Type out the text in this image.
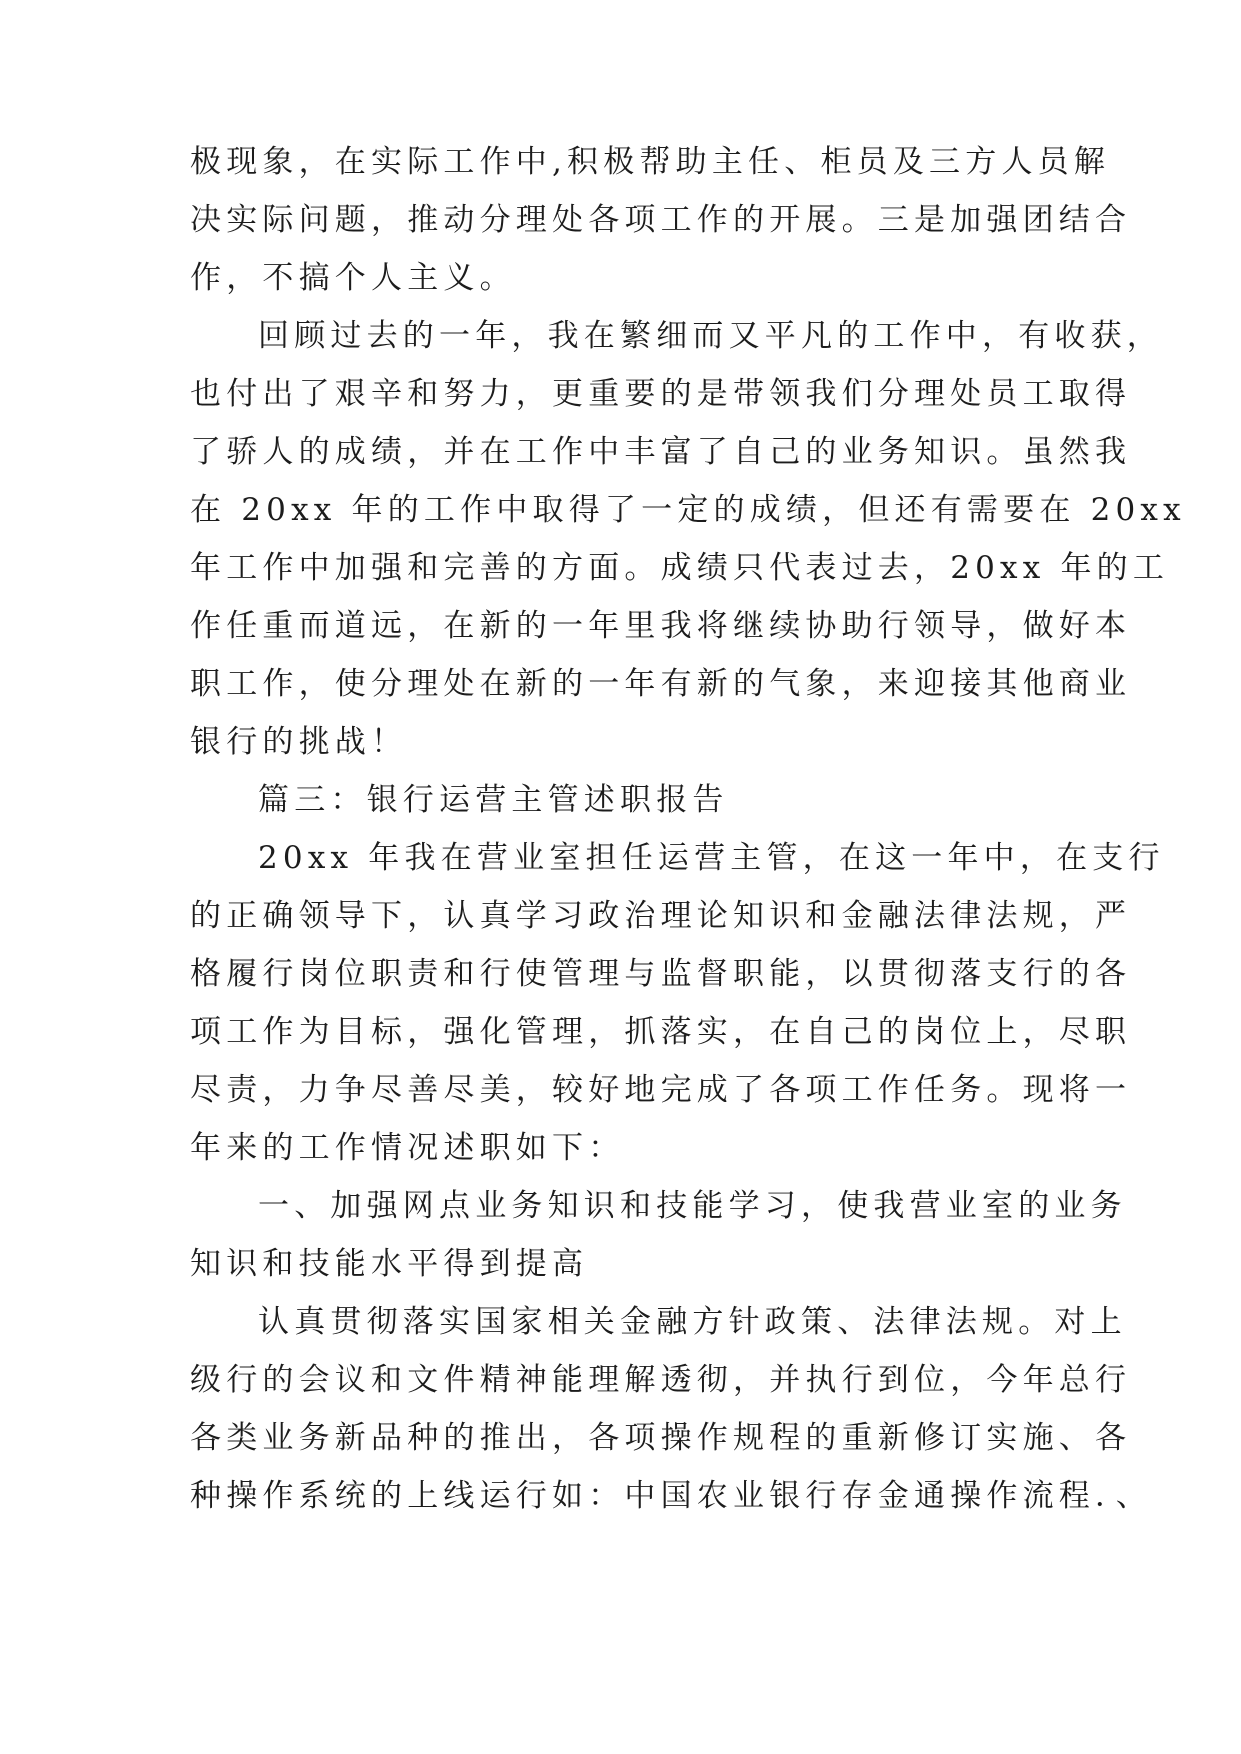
极现象，在实际工作中,积极帮助主任、柜员及三方人员解
决实际问题，推动分理处各项工作的开展。三是加强团结合
作，不搞个人主义。
回顾过去的一年，我在繁细而又平凡的工作中，有收获，
也付出了艰辛和努力，更重要的是带领我们分理处员工取得
了骄人的成绩，并在工作中丰富了自己的业务知识。虽然我
在 20xx 年的工作中取得了一定的成绩，但还有需要在 20xx
年工作中加强和完善的方面。成绩只代表过去，20xx 年的工
作任重而道远，在新的一年里我将继续协助行领导，做好本
职工作，使分理处在新的一年有新的气象，来迎接其他商业
银行的挑战！
篇三：银行运营主管述职报告
20xx 年我在营业室担任运营主管，在这一年中，在支行
的正确领导下，认真学习政治理论知识和金融法律法规，严
格履行岗位职责和行使管理与监督职能，以贯彻落支行的各
项工作为目标，强化管理，抓落实，在自己的岗位上，尽职
尽责，力争尽善尽美，较好地完成了各项工作任务。现将一
年来的工作情况述职如下：
一、加强网点业务知识和技能学习，使我营业室的业务
知识和技能水平得到提高
认真贯彻落实国家相关金融方针政策、法律法规。对上
级行的会议和文件精神能理解透彻，并执行到位，今年总行
各类业务新品种的推出，各项操作规程的重新修订实施、各
种操作系统的上线运行如：中国农业银行存金通操作流程．、
